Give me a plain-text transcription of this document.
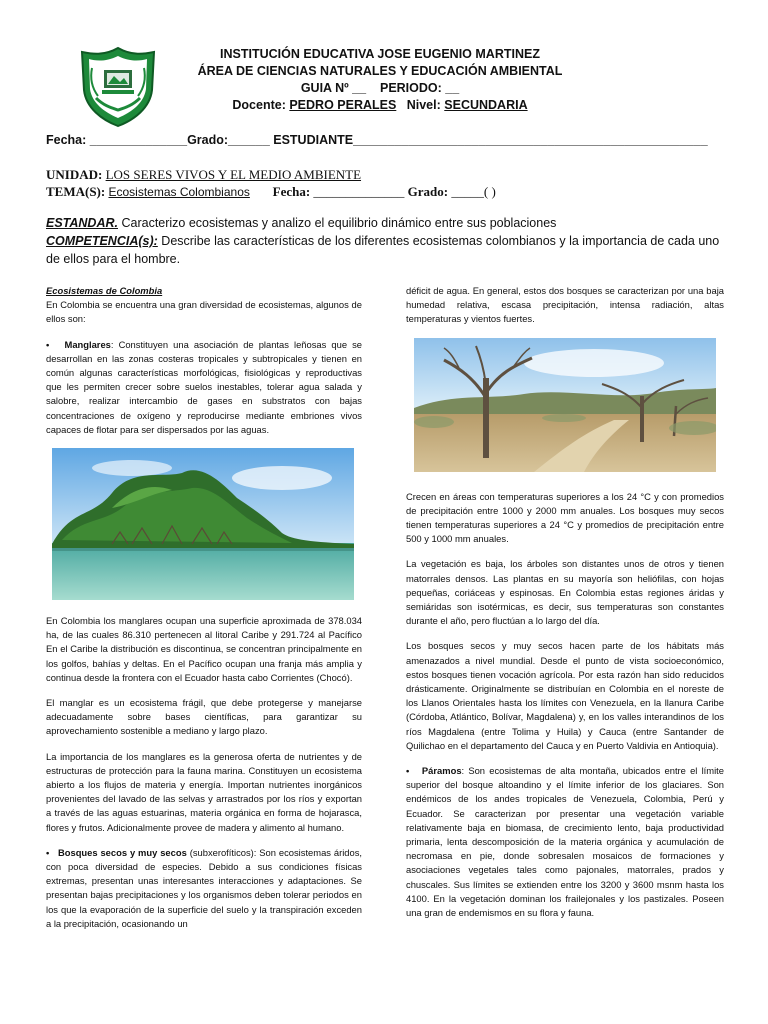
INSTITUCIÓN EDUCATIVA JOSE EUGENIO MARTINEZ

ÁREA DE CIENCIAS NATURALES Y EDUCACIÓN AMBIENTAL

GUIA Nº __ PERIODO: __

Docente: PEDRO PERALES Nivel: SECUNDARIA

Fecha: ______________Grado:______ ESTUDIANTE___________________________________________________
UNIDAD: LOS SERES VIVOS Y EL MEDIO AMBIENTE
TEMA(S): Ecosistemas Colombianos Fecha: ______________ Grado: _____( )
ESTANDAR. Caracterizo ecosistemas y analizo el equilibrio dinámico entre sus poblaciones
COMPETENCIA(s): Describe las características de los diferentes ecosistemas colombianos y la importancia de cada uno de ellos para el hombre.

Ecosistemas de Colombia

En Colombia se encuentra una gran diversidad de ecosistemas, algunos de ellos son:

• Manglares: Constituyen una asociación de plantas leñosas que se desarrollan en las zonas costeras tropicales y subtropicales y tienen en común algunas características morfológicas, fisiológicas y reproductivas que les permiten crecer sobre suelos inestables, tolerar agua salada y salobre, realizar intercambio de gases en substratos con bajas concentraciones de oxígeno y reproducirse mediante embriones vivos capaces de flotar para ser dispersados por las aguas.

En Colombia los manglares ocupan una superficie aproximada de 378.034 ha, de las cuales 86.310 pertenecen al litoral Caribe y 291.724 al Pacífico En el Caribe la distribución es discontinua, se concentran principalmente en los golfos, bahías y deltas. En el Pacífico ocupan una franja más amplia y continua desde la frontera con el Ecuador hasta cabo Corrientes (Chocó).

El manglar es un ecosistema frágil, que debe protegerse y manejarse adecuadamente sobre bases científicas, para garantizar su aprovechamiento sostenible a mediano y largo plazo.

La importancia de los manglares es la generosa oferta de nutrientes y de estructuras de protección para la fauna marina. Constituyen un ecosistema abierto a los flujos de materia y energía. Importan nutrientes inorgánicos provenientes del lavado de las selvas y arrastrados por los ríos y exportan a través de las aguas estuarinas, materia orgánica en forma de hojarasca, flores y frutos. Adicionalmente provee de madera y alimento al humano.

• Bosques secos y muy secos (subxerofíticos): Son ecosistemas áridos, con poca diversidad de especies. Debido a sus condiciones físicas extremas, presentan unas interesantes interacciones y adaptaciones. Se presentan bajas precipitaciones y los organismos deben tolerar periodos en los que la evaporación de la superficie del suelo y la transpiración exceden a la precipitación, ocasionando un

déficit de agua. En general, estos dos bosques se caracterizan por una baja humedad relativa, escasa precipitación, intensa radiación, altas temperaturas y vientos fuertes.

Crecen en áreas con temperaturas superiores a los 24 °C y con promedios de precipitación entre 1000 y 2000 mm anuales. Los bosques muy secos tienen temperaturas superiores a 24 °C y promedios de precipitación entre 500 y 1000 mm anuales.

La vegetación es baja, los árboles son distantes unos de otros y tienen matorrales densos. Las plantas en su mayoría son heliófilas, con hojas pequeñas, coriáceas y espinosas. En Colombia estas regiones áridas y semiáridas son isotérmicas, es decir, sus temperaturas son constantes durante el año, pero fluctúan a lo largo del día.

Los bosques secos y muy secos hacen parte de los hábitats más amenazados a nivel mundial. Desde el punto de vista socioeconómico, estos bosques tienen vocación agrícola. Por esta razón han sido reducidos drásticamente. Originalmente se distribuían en Colombia en el noreste de los Llanos Orientales hasta los límites con Venezuela, en la llanura Caribe (Córdoba, Atlántico, Bolívar, Magdalena) y, en los valles interandinos de los ríos Magdalena (entre Tolima y Huila) y Cauca (entre Santander de Quilichao en el departamento del Cauca y en Puerto Valdivia en Antioquia).

• Páramos: Son ecosistemas de alta montaña, ubicados entre el límite superior del bosque altoandino y el límite inferior de los glaciares. Son endémicos de los andes tropicales de Venezuela, Colombia, Perú y Ecuador. Se caracterizan por presentar una vegetación variable relativamente baja en biomasa, de crecimiento lento, baja productividad primaria, lenta descomposición de la materia orgánica y acumulación de necromasa en pie, donde sobresalen mosaicos de formaciones y asociaciones vegetales tales como pajonales, matorrales, prados y chuscales. Sus límites se extienden entre los 3200 y 3600 msnm hasta los 4100. En la vegetación dominan los frailejonales y los pastizales. Poseen una gran de endemismos en su flora y fauna.
